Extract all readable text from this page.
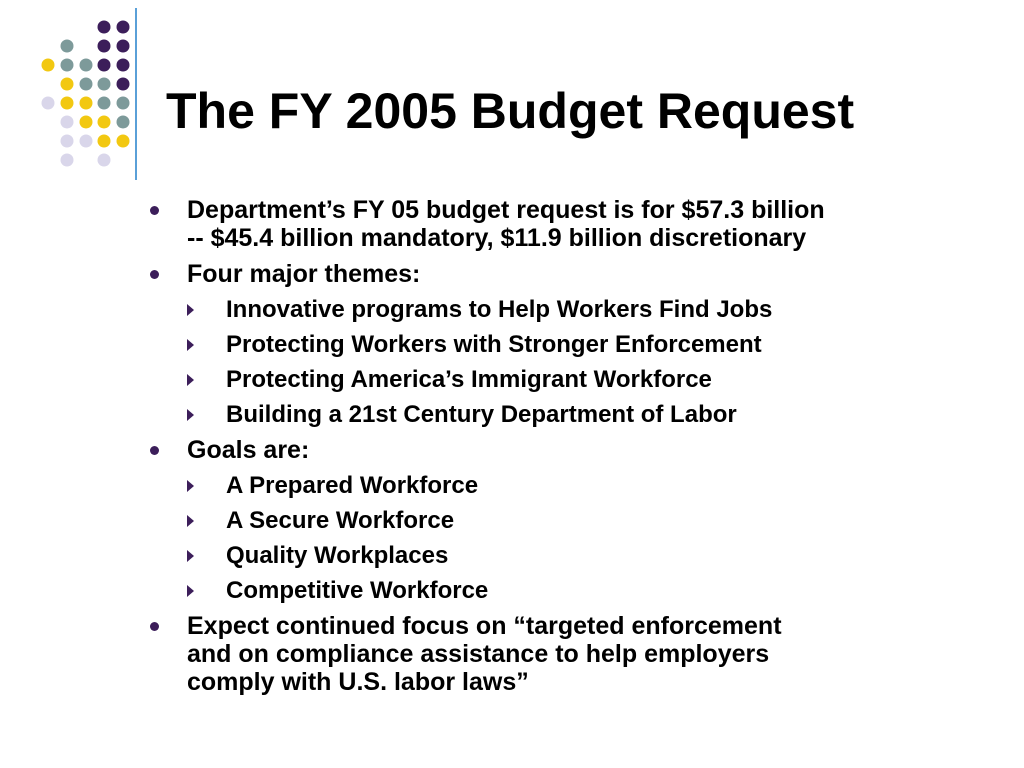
The FY 2005 Budget Request
Department’s FY 05 budget request is for $57.3 billion
-- $45.4 billion mandatory, $11.9 billion discretionary
Four major themes:
Innovative programs to Help Workers Find Jobs
Protecting Workers with Stronger Enforcement
Protecting America’s Immigrant Workforce
Building a 21st Century Department of Labor
Goals are:
A Prepared Workforce
A Secure Workforce
Quality Workplaces
Competitive Workforce
Expect continued focus on “targeted enforcement
and on compliance assistance to help employers
comply with U.S. labor laws”
